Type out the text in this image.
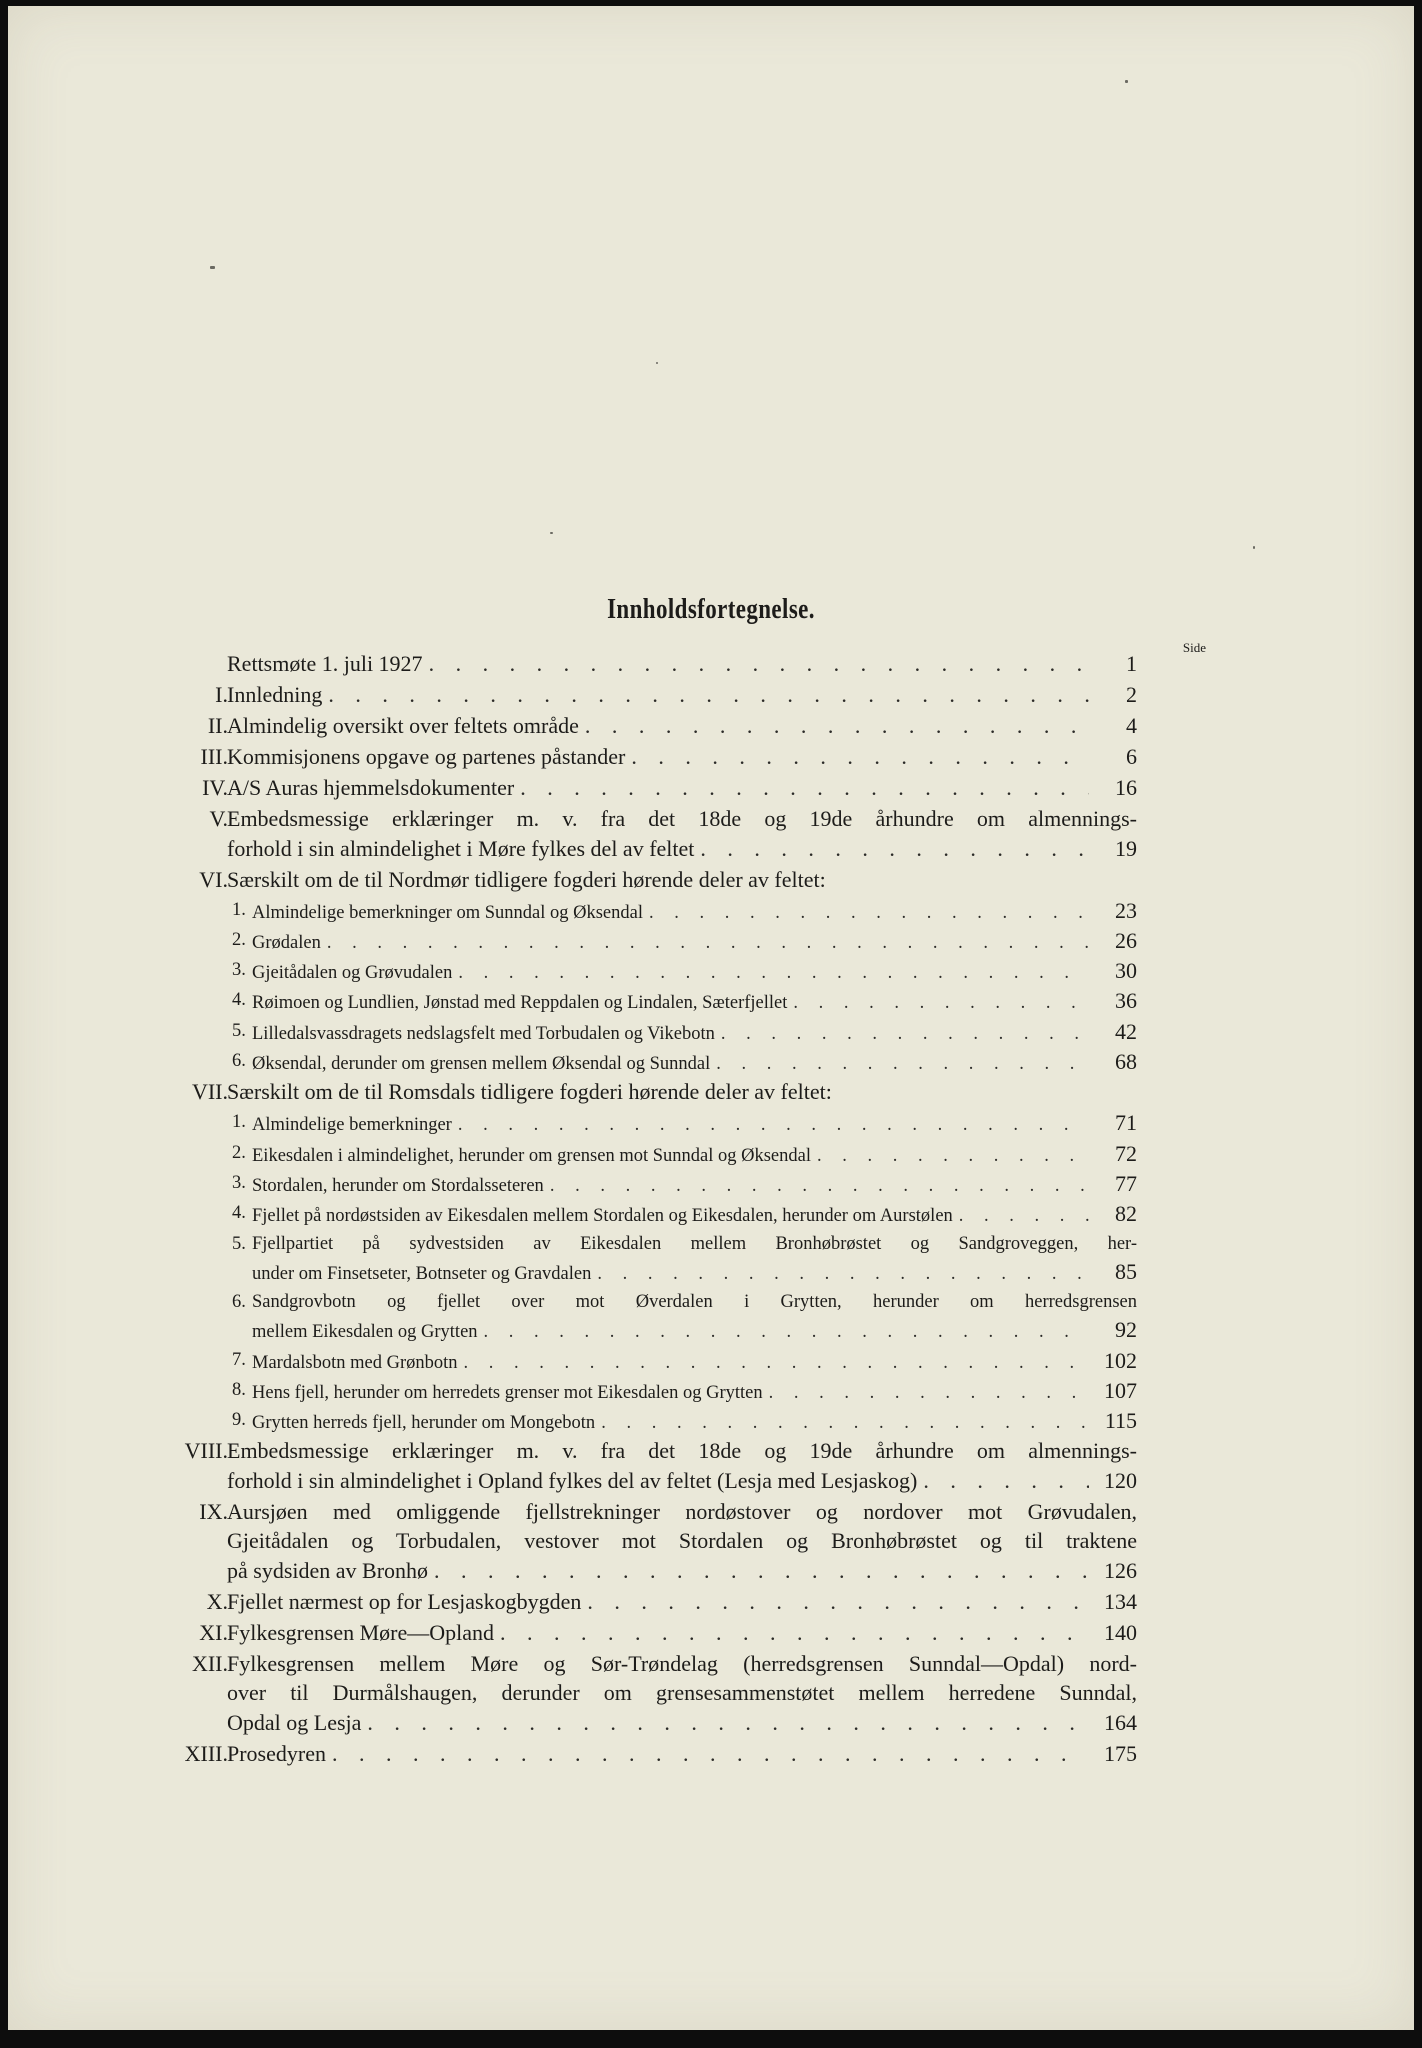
Innholdsfortegnelse.
Side
Rettsmøte 1. juli 1927 . . .	1
I. Innledning . . .	2
II. Almindelig oversikt over feltets område . . .	4
III. Kommisjonens opgave og partenes påstander . . .	6
IV. A/S Auras hjemmelsdokumenter . . .	16
V. Embedsmessige erklæringer m. v. fra det 18de og 19de århundre om almennings-
forhold i sin almindelighet i Møre fylkes del av feltet . . .	19
VI. Særskilt om de til Nordmør tidligere fogderi hørende deler av feltet:
1. Almindelige bemerkninger om Sunndal og Øksendal . . .	23
2. Grødalen . . .	26
3. Gjeitådalen og Grøvudalen . . .	30
4. Røimoen og Lundlien, Jønstad med Reppdalen og Lindalen, Sæterfjellet . . .	36
5. Lilledalsvassdragets nedslagsfelt med Torbudalen og Vikebotn . . .	42
6. Øksendal, derunder om grensen mellem Øksendal og Sunndal . . .	68
VII. Særskilt om de til Romsdals tidligere fogderi hørende deler av feltet:
1. Almindelige bemerkninger . . .	71
2. Eikesdalen i almindelighet, herunder om grensen mot Sunndal og Øksendal . . .	72
3. Stordalen, herunder om Stordalsseteren . . .	77
4. Fjellet på nordøstsiden av Eikesdalen mellem Stordalen og Eikesdalen, herunder om Aurstølen . . .	82
5. Fjellpartiet på sydvestsiden av Eikesdalen mellem Bronhøbrøstet og Sandgroveggen, her-
under om Finsetseter, Botnseter og Gravdalen . . .	85
6. Sandgrovbotn og fjellet over mot Øverdalen i Grytten, herunder om herredsgrensen
mellem Eikesdalen og Grytten . . .	92
7. Mardalsbotn med Grønbotn . . .	102
8. Hens fjell, herunder om herredets grenser mot Eikesdalen og Grytten . . .	107
9. Grytten herreds fjell, herunder om Mongebotn . . .	115
VIII. Embedsmessige erklæringer m. v. fra det 18de og 19de århundre om almennings-
forhold i sin almindelighet i Opland fylkes del av feltet (Lesja med Lesjaskog) . . .	120
IX. Aursjøen med omliggende fjellstrekninger nordøstover og nordover mot Grøvudalen,
Gjeitådalen og Torbudalen, vestover mot Stordalen og Bronhøbrøstet og til traktene
på sydsiden av Bronhø . . .	126
X. Fjellet nærmest op for Lesjaskogbygden . . .	134
XI. Fylkesgrensen Møre—Opland . . .	140
XII. Fylkesgrensen mellem Møre og Sør-Trøndelag (herredsgrensen Sunndal—Opdal) nord-
over til Durmålshaugen, derunder om grensesammenstøtet mellem herredene Sunndal,
Opdal og Lesja . . .	164
XIII. Prosedyren . . .	175
